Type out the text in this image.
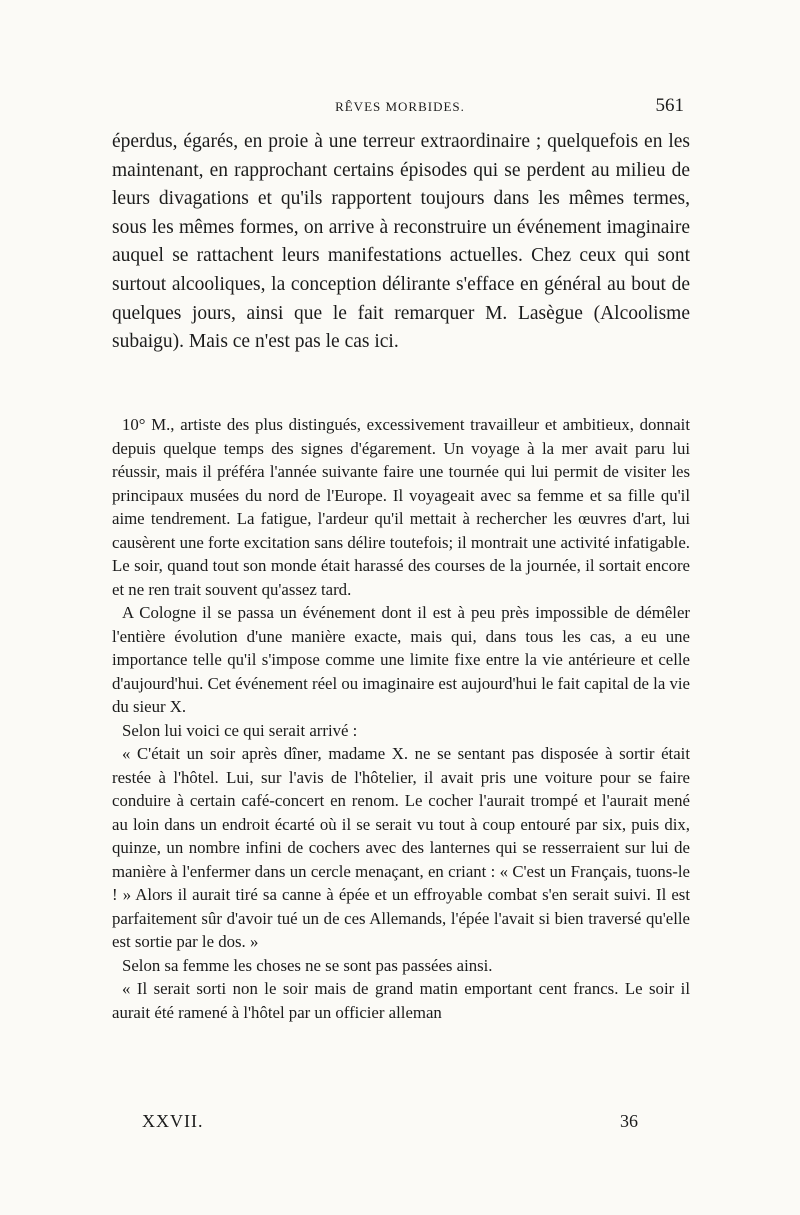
RÊVES MORBIDES.	561

éperdus, égarés, en proie à une terreur extraordinaire ; quelquefois en les maintenant, en rapprochant certains épisodes qui se perdent au milieu de leurs divagations et qu'ils rapportent toujours dans les mêmes termes, sous les mêmes formes, on arrive à reconstruire un événement imaginaire auquel se rattachent leurs manifestations actuelles. Chez ceux qui sont surtout alcooliques, la conception délirante s'efface en général au bout de quelques jours, ainsi que le fait remarquer M. Lasègue (Alcoolisme subaigu). Mais ce n'est pas le cas ici.

10° M., artiste des plus distingués, excessivement travailleur et ambitieux, donnait depuis quelque temps des signes d'égarement. Un voyage à la mer avait paru lui réussir, mais il préféra l'année suivante faire une tournée qui lui permit de visiter les principaux musées du nord de l'Europe. Il voyageait avec sa femme et sa fille qu'il aime tendrement. La fatigue, l'ardeur qu'il mettait à rechercher les œuvres d'art, lui causèrent une forte excitation sans délire toutefois; il montrait une activité infatigable. Le soir, quand tout son monde était harassé des courses de la journée, il sortait encore et ne ren trait souvent qu'assez tard.

A Cologne il se passa un événement dont il est à peu près impossible de démêler l'entière évolution d'une manière exacte, mais qui, dans tous les cas, a eu une importance telle qu'il s'impose comme une limite fixe entre la vie antérieure et celle d'aujourd'hui. Cet événement réel ou imaginaire est aujourd'hui le fait capital de la vie du sieur X.

Selon lui voici ce qui serait arrivé :

« C'était un soir après dîner, madame X. ne se sentant pas disposée à sortir était restée à l'hôtel. Lui, sur l'avis de l'hôtelier, il avait pris une voiture pour se faire conduire à certain café-concert en renom. Le cocher l'aurait trompé et l'aurait mené au loin dans un endroit écarté où il se serait vu tout à coup entouré par six, puis dix, quinze, un nombre infini de cochers avec des lanternes qui se resserraient sur lui de manière à l'enfermer dans un cercle menaçant, en criant : « C'est un Français, tuons-le ! » Alors il aurait tiré sa canne à épée et un effroyable combat s'en serait suivi. Il est parfaitement sûr d'avoir tué un de ces Allemands, l'épée l'avait si bien traversé qu'elle est sortie par le dos. »

Selon sa femme les choses ne se sont pas passées ainsi.

« Il serait sorti non le soir mais de grand matin emportant cent francs. Le soir il aurait été ramené à l'hôtel par un officier alleman

XXVII.	36
